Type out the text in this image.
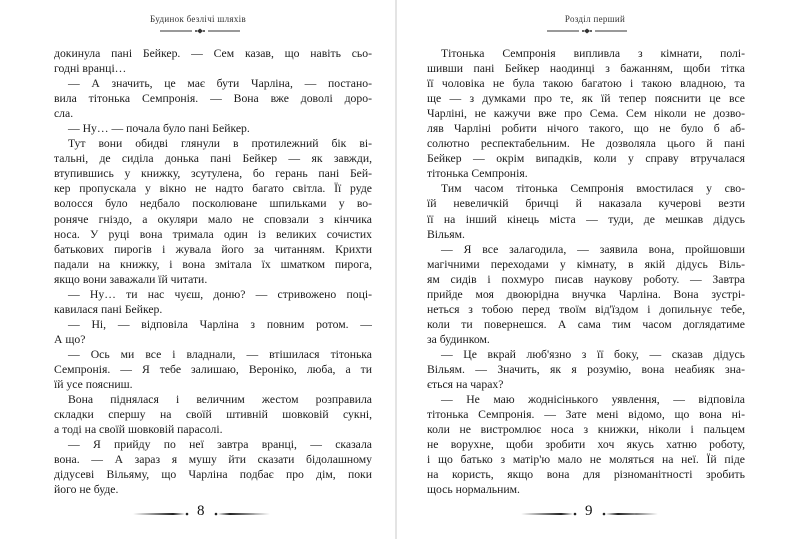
Будинок безлічі шляхів
докинула пані Бейкер. — Сем казав, що навіть сьо-
годні вранці…
— А значить, це має бути Чарліна, — постано-
вила тітонька Семпронія. — Вона вже доволі доро-
сла.
— Ну… — почала було пані Бейкер.
Тут вони обидві глянули в протилежний бік ві-
тальні, де сиділа донька пані Бейкер — як завжди,
втупившись у книжку, зсутулена, бо герань пані Бей-
кер пропускала у вікно не надто багато світла. Її руде
волосся було недбало посколюване шпильками у во-
роняче гніздо, а окуляри мало не сповзали з кінчика
носа. У руці вона тримала один із великих сочистих
батькових пирогів і жувала його за читанням. Крихти
падали на книжку, і вона змітала їх шматком пирога,
якщо вони заважали їй читати.
— Ну… ти нас чуєш, доню? — стривожено поці-
кавилася пані Бейкер.
— Ні, — відповіла Чарліна з повним ротом. —
А що?
— Ось ми все і владнали, — втішилася тітонька
Семпронія. — Я тебе залишаю, Вероніко, люба, а ти
їй усе поясниш.
Вона піднялася і величним жестом розправила
складки спершу на своїй штивній шовковій сукні,
а тоді на своїй шовковій парасолі.
— Я прийду по неї завтра вранці, — сказала
вона. — А зараз я мушу йти сказати бідолашному
дідусеві Вільяму, що Чарліна подбає про дім, поки
його не буде.
8
Розділ перший
Тітонька Семпронія випливла з кімнати, полі-
шивши пані Бейкер наодинці з бажанням, щоби тітка
її чоловіка не була такою багатою і такою владною, та
ще — з думками про те, як їй тепер пояснити це все
Чарліні, не кажучи вже про Сема. Сем ніколи не дозво-
ляв Чарліні робити нічого такого, що не було б аб-
солютно респектабельним. Не дозволяла цього й пані
Бейкер — окрім випадків, коли у справу втручалася
тітонька Семпронія.
Тим часом тітонька Семпронія вмостилася у сво-
їй невеличкій бричці й наказала кучерові везти
її на інший кінець міста — туди, де мешкав дідусь
Вільям.
— Я все залагодила, — заявила вона, пройшовши
магічними переходами у кімнату, в якій дідусь Віль-
ям сидів і похмуро писав наукову роботу. — Завтра
прийде моя двоюрідна внучка Чарліна. Вона зустрі-
неться з тобою перед твоїм від'їздом і допильнує тебе,
коли ти повернешся. А сама тим часом доглядатиме
за будинком.
— Це вкрай люб'язно з її боку, — сказав дідусь
Вільям. — Значить, як я розумію, вона неабияк зна-
ється на чарах?
— Не маю жоднісінького уявлення, — відповіла
тітонька Семпронія. — Зате мені відомо, що вона ні-
коли не вистромлює носа з книжки, ніколи і пальцем
не ворухне, щоби зробити хоч якусь хатню роботу,
і що батько з матір'ю мало не моляться на неї. Їй піде
на користь, якщо вона для різноманітності зробить
щось нормальним.
9
